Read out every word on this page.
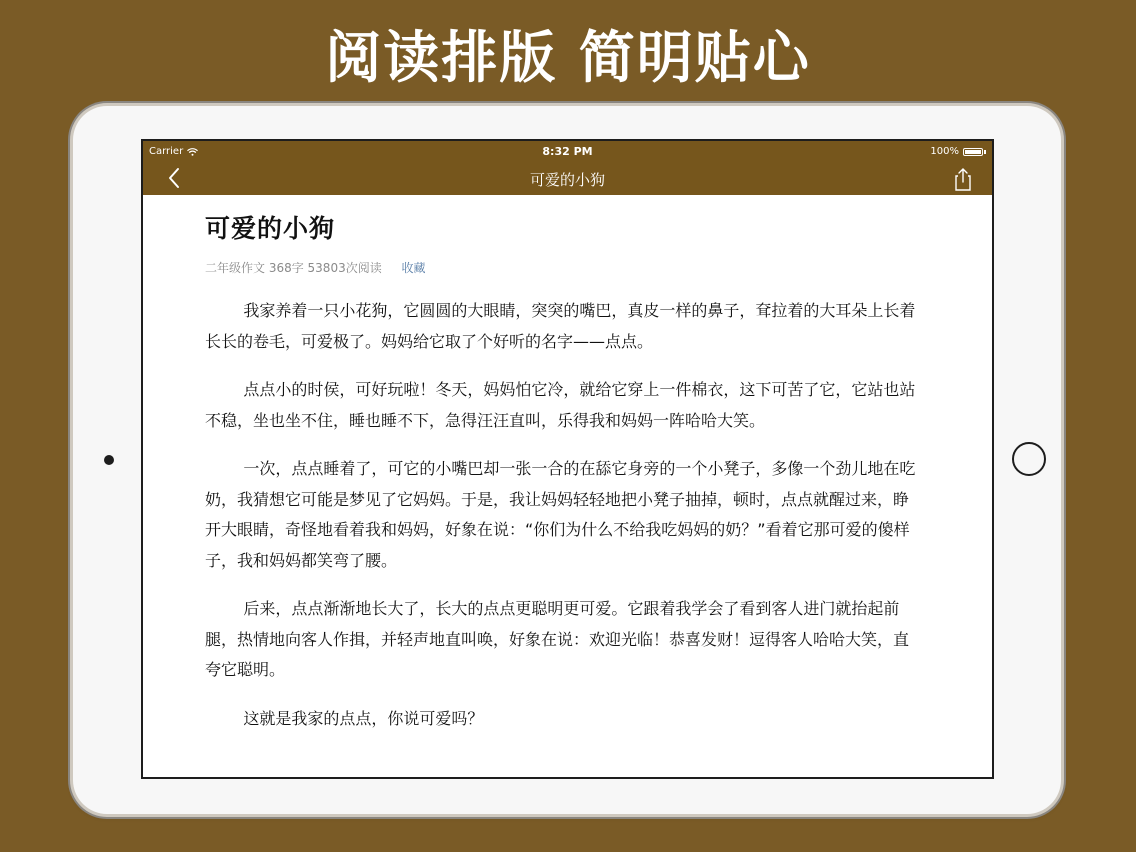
阅读排版 简明贴心
Carrier	8:32 PM	100%
可爱的小狗
可爱的小狗
二年级作文 368字 53803次阅读 收藏

我家养着一只小花狗，它圆圆的大眼睛，突突的嘴巴，真皮一样的鼻子，耷拉着的大耳朵上长着长长的卷毛，可爱极了。妈妈给它取了个好听的名字——点点。

点点小的时侯，可好玩啦！冬天，妈妈怕它冷，就给它穿上一件棉衣，这下可苦了它，它站也站不稳，坐也坐不住，睡也睡不下，急得汪汪直叫，乐得我和妈妈一阵哈哈大笑。

一次，点点睡着了，可它的小嘴巴却一张一合的在舔它身旁的一个小凳子，多像一个劲儿地在吃奶，我猜想它可能是梦见了它妈妈。于是，我让妈妈轻轻地把小凳子抽掉，顿时，点点就醒过来，睁开大眼睛，奇怪地看着我和妈妈，好象在说：“你们为什么不给我吃妈妈的奶？”看着它那可爱的傻样子，我和妈妈都笑弯了腰。

后来，点点渐渐地长大了，长大的点点更聪明更可爱。它跟着我学会了看到客人进门就抬起前腿，热情地向客人作揖，并轻声地直叫唤，好象在说：欢迎光临！恭喜发财！逗得客人哈哈大笑，直夸它聪明。

这就是我家的点点，你说可爱吗？
